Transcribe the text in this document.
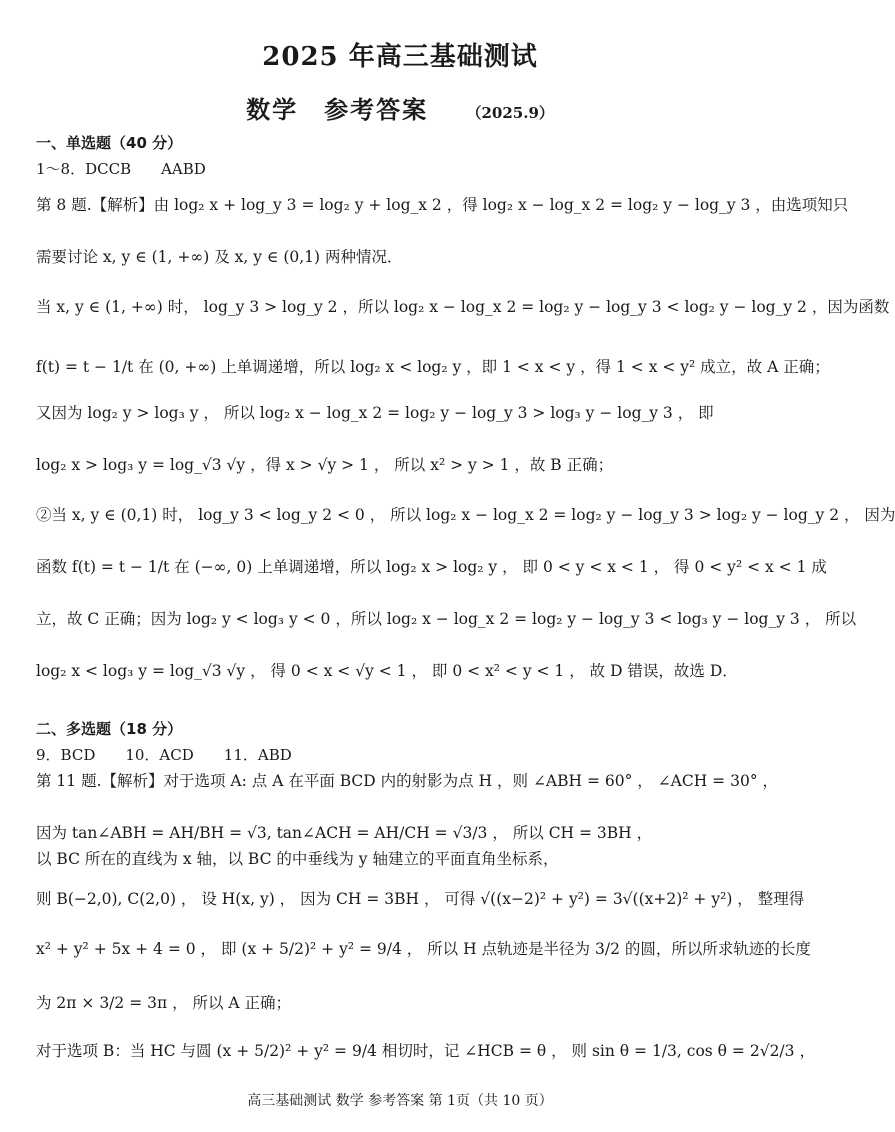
2025 年高三基础测试
数学　参考答案	（2025.9）
一、单选题（40 分）
1～8．DCCB　　AABD
第 8 题.【解析】由 log₂ x + log_y 3 = log₂ y + log_x 2 ，得 log₂ x − log_x 2 = log₂ y − log_y 3 ，由选项知只
需要讨论 x, y ∈ (1, +∞) 及 x, y ∈ (0,1) 两种情况．
当 x, y ∈ (1, +∞) 时， log_y 3 > log_y 2 ，所以 log₂ x − log_x 2 = log₂ y − log_y 3 < log₂ y − log_y 2 ，因为函数
f(t) = t − 1/t 在 (0, +∞) 上单调递增，所以 log₂ x < log₂ y ，即 1 < x < y ，得 1 < x < y² 成立，故 A 正确；
又因为 log₂ y > log₃ y ， 所以 log₂ x − log_x 2 = log₂ y − log_y 3 > log₃ y − log_y 3 ， 即
log₂ x > log₃ y = log_√3 √y ，得 x > √y > 1 ， 所以 x² > y > 1 ，故 B 正确；
②当 x, y ∈ (0,1) 时， log_y 3 < log_y 2 < 0 ， 所以 log₂ x − log_x 2 = log₂ y − log_y 3 > log₂ y − log_y 2 ， 因为
函数 f(t) = t − 1/t 在 (−∞, 0) 上单调递增，所以 log₂ x > log₂ y ， 即 0 < y < x < 1 ， 得 0 < y² < x < 1 成
立，故 C 正确；因为 log₂ y < log₃ y < 0 ，所以 log₂ x − log_x 2 = log₂ y − log_y 3 < log₃ y − log_y 3 ， 所以
log₂ x < log₃ y = log_√3 √y ， 得 0 < x < √y < 1 ， 即 0 < x² < y < 1 ， 故 D 错误，故选 D．
二、多选题（18 分）
9．BCD　　10．ACD　　11．ABD
第 11 题.【解析】对于选项 A: 点 A 在平面 BCD 内的射影为点 H ，则 ∠ABH = 60° ， ∠ACH = 30° ，
因为 tan∠ABH = AH/BH = √3, tan∠ACH = AH/CH = √3/3 ， 所以 CH = 3BH ，
以 BC 所在的直线为 x 轴，以 BC 的中垂线为 y 轴建立的平面直角坐标系，
则 B(−2,0), C(2,0) ， 设 H(x, y) ， 因为 CH = 3BH ， 可得 √((x−2)² + y²) = 3√((x+2)² + y²) ， 整理得
x² + y² + 5x + 4 = 0 ， 即 (x + 5/2)² + y² = 9/4 ， 所以 H 点轨迹是半径为 3/2 的圆，所以所求轨迹的长度
为 2π × 3/2 = 3π ， 所以 A 正确；
对于选项 B：当 HC 与圆 (x + 5/2)² + y² = 9/4 相切时，记 ∠HCB = θ ， 则 sin θ = 1/3, cos θ = 2√2/3 ，
高三基础测试 数学 参考答案 第 1页（共 10 页）
